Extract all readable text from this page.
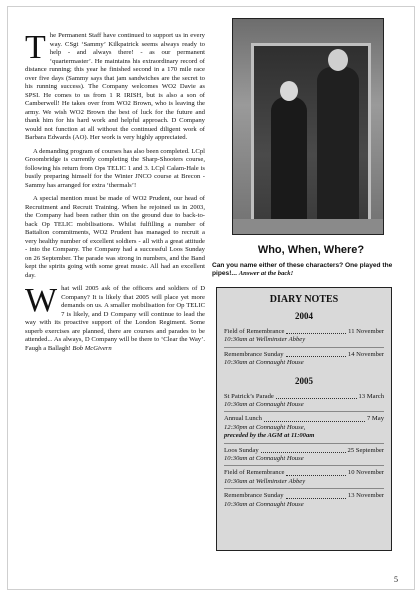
The Permanent Staff have continued to support us in every way. CSgt ‘Sammy’ Kilkpatrick seems always ready to help - and always there! - as our permanent ‘quartermaster’. He maintains his extraordinary record of distance running; this year he finished second in a 170 mile race over five days (Sammy says that jam sandwiches are the secret to his running success). The Company welcomes WO2 Davie as SPSI. He comes to us from 1 R IRISH, but is also a son of Camberwell! He takes over from WO2 Brown, who is leaving the army. We wish WO2 Brown the best of luck for the future and thank him for his hard work and helpful approach. D Company would not function at all without the continued diligent work of Barbara Edwards (AO). Her work is very highly appreciated.

A demanding program of courses has also been completed. LCpl Groombridge is currently completing the Sharp-Shooters course, following his return from Ops TELIC 1 and 3. LCpl Calam-Hale is busily preparing himself for the Winter JNCO course at Brecon - Sammy has arranged for extra ‘thermals’!

A special mention must be made of WO2 Prudent, our head of Recruitment and Recruit Training. When he rejoined us in 2003, the Company had been rather thin on the ground due to back-to-back Op TELIC mobilisations. Whilst fulfilling a number of Battalion commitments, WO2 Prudent has managed to recruit a very healthy number of excellent soldiers - all with a great attitude - into the Company. The Company had a successful Loos Sunday on 26 September. The parade was strong in numbers, and the Band kept the spirits going with some great music. All had an excellent day.

What will 2005 ask of the officers and soldiers of D Company? It is likely that 2005 will place yet more demands on us. A smaller mobilisation for Op TELIC 7 is likely, and D Company will continue to lead the way with its proactive support of the London Regiment. Some superb exercises are planned, there are courses and parades to be attended... As always, D Company will be there to ‘Clear the Way’. Faugh a Ballagh! Bob McGivern

Who, When, Where?
Can you name either of these characters? One played the pipes!... Answer at the back!
DIARY NOTES
2004
Field of Remembrance	11 November
10:30am at Wellminster Abbey
Remembrance Sunday	14 November
10:30am at Connaught House
2005
St Patrick’s Parade	13 March
10:30am at Connaught House
Annual Lunch	7 May
12:30pm at Connaught House,
preceded by the AGM at 11:00am
Loos Sunday	25 September
10:30am at Connaught House
Field of Remembrance	10 November
10:30am at Wellminster Abbey
Remembrance Sunday	13 November
10:30am at Connaught House
5
